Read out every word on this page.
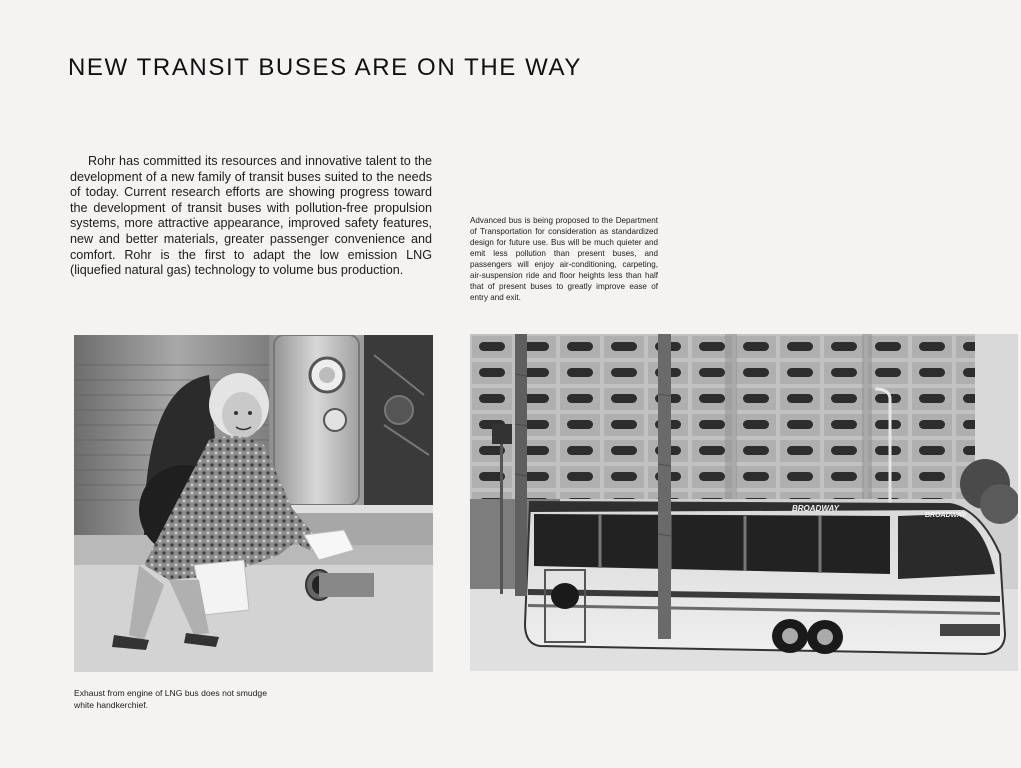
NEW TRANSIT BUSES ARE ON THE WAY

Rohr has committed its resources and innovative talent to the development of a new family of transit buses suited to the needs of today. Current research efforts are showing progress toward the development of transit buses with pollution-free propulsion systems, more attractive appearance, improved safety features, new and better materials, greater passenger convenience and comfort. Rohr is the first to adapt the low emission LNG (liquefied natural gas) technology to volume bus production.

Advanced bus is being proposed to the Department of Transportation for consideration as standardized design for future use. Bus will be much quieter and emit less pollution than present buses, and passengers will enjoy air-conditioning, carpeting, air-suspension ride and floor heights less than half that of present buses to greatly improve ease of entry and exit.

Exhaust from engine of LNG bus does not smudge white handkerchief.

BROADWAY
BROADWAY
